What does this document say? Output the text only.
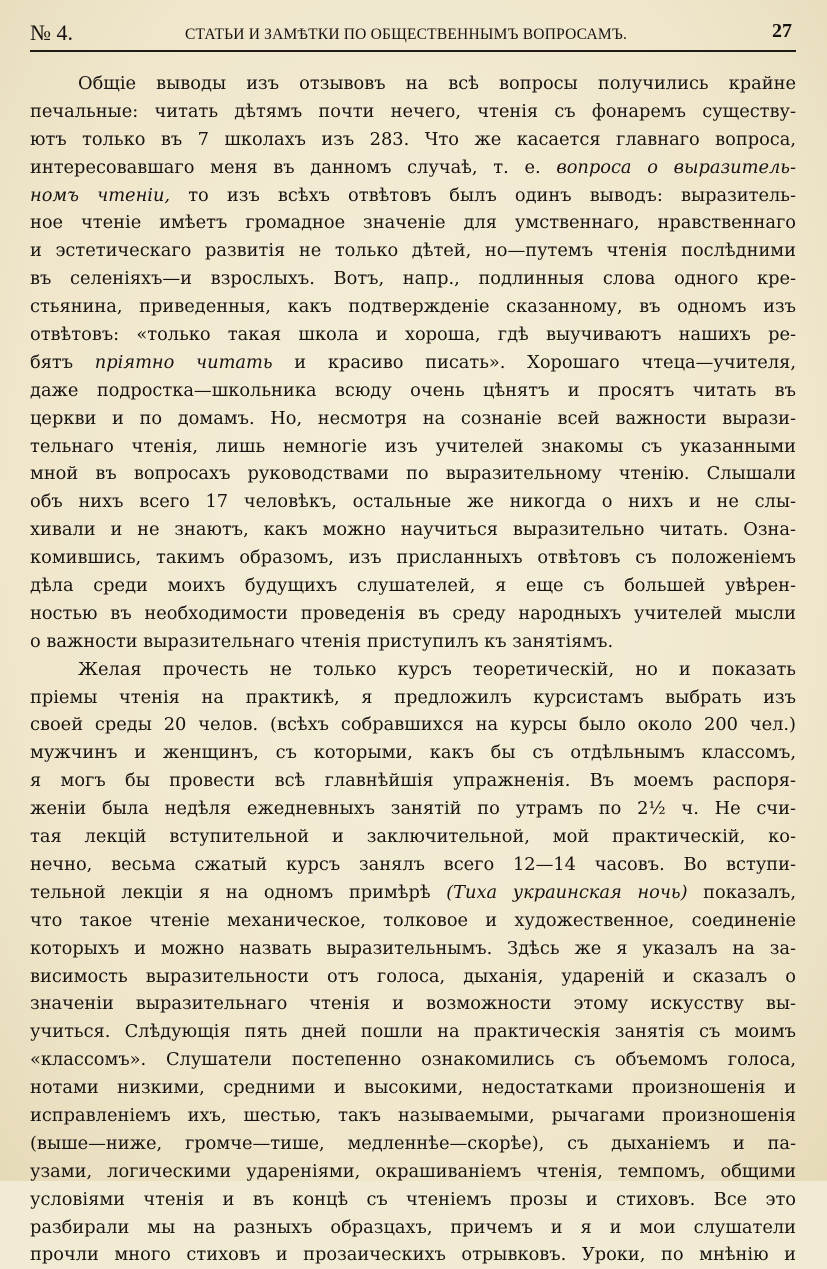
№ 4.	СТАТЬИ И ЗАМѢТКИ ПО ОБЩЕСТВЕННЫМЪ ВОПРОСАМЪ.	27
Общіе выводы изъ отзывовъ на всѣ вопросы получились крайне
печальные: читать дѣтямъ почти нечего, чтенія съ фонаремъ существу-
ютъ только въ 7 школахъ изъ 283. Что же касается главнаго вопроса,
интересовавшаго меня въ данномъ случаѣ, т. е. вопроса о выразитель-
номъ чтеніи, то изъ всѣхъ отвѣтовъ былъ одинъ выводъ: выразитель-
ное чтеніе имѣетъ громадное значеніе для умственнаго, нравственнаго
и эстетическаго развитія не только дѣтей, но—путемъ чтенія послѣдними
въ селеніяхъ—и взрослыхъ. Вотъ, напр., подлинныя слова одного кре-
стьянина, приведенныя, какъ подтвержденіе сказанному, въ одномъ изъ
отвѣтовъ: «только такая школа и хороша, гдѣ выучиваютъ нашихъ ре-
бятъ пріятно читать и красиво писать». Хорошаго чтеца—учителя,
даже подростка—школьника всюду очень цѣнятъ и просятъ читать въ
церкви и по домамъ. Но, несмотря на сознаніе всей важности вырази-
тельнаго чтенія, лишь немногіе изъ учителей знакомы съ указанными
мной въ вопросахъ руководствами по выразительному чтенію. Слышали
объ нихъ всего 17 человѣкъ, остальные же никогда о нихъ и не слы-
хивали и не знаютъ, какъ можно научиться выразительно читать. Озна-
комившись, такимъ образомъ, изъ присланныхъ отвѣтовъ съ положеніемъ
дѣла среди моихъ будущихъ слушателей, я еще съ большей увѣрен-
ностью въ необходимости проведенія въ среду народныхъ учителей мысли
о важности выразительнаго чтенія приступилъ къ занятіямъ.
Желая прочесть не только курсъ теоретическій, но и показать
пріемы чтенія на практикѣ, я предложилъ курсистамъ выбрать изъ
своей среды 20 челов. (всѣхъ собравшихся на курсы было около 200 чел.)
мужчинъ и женщинъ, съ которыми, какъ бы съ отдѣльнымъ классомъ,
я могъ бы провести всѣ главнѣйшія упражненія. Въ моемъ распоря-
женіи была недѣля ежедневныхъ занятій по утрамъ по 2½ ч. Не счи-
тая лекцій вступительной и заключительной, мой практическій, ко-
нечно, весьма сжатый курсъ занялъ всего 12—14 часовъ. Во вступи-
тельной лекціи я на одномъ примѣрѣ (Тиха украинская ночь) показалъ,
что такое чтеніе механическое, толковое и художественное, соединеніе
которыхъ и можно назвать выразительнымъ. Здѣсь же я указалъ на за-
висимость выразительности отъ голоса, дыханія, удареній и сказалъ о
значеніи выразительнаго чтенія и возможности этому искусству вы-
учиться. Слѣдующія пять дней пошли на практическія занятія съ моимъ
«классомъ». Слушатели постепенно ознакомились съ объемомъ голоса,
нотами низкими, средними и высокими, недостатками произношенія и
исправленіемъ ихъ, шестью, такъ называемыми, рычагами произношенія
(выше—ниже, громче—тише, медленнѣе—скорѣе), съ дыханіемъ и па-
узами, логическими удареніями, окрашиваніемъ чтенія, темпомъ, общими
условіями чтенія и въ концѣ съ чтеніемъ прозы и стиховъ. Все это
разбирали мы на разныхъ образцахъ, причемъ и я и мои слушатели
прочли много стиховъ и прозаическихъ отрывковъ. Уроки, по мнѣнію и
